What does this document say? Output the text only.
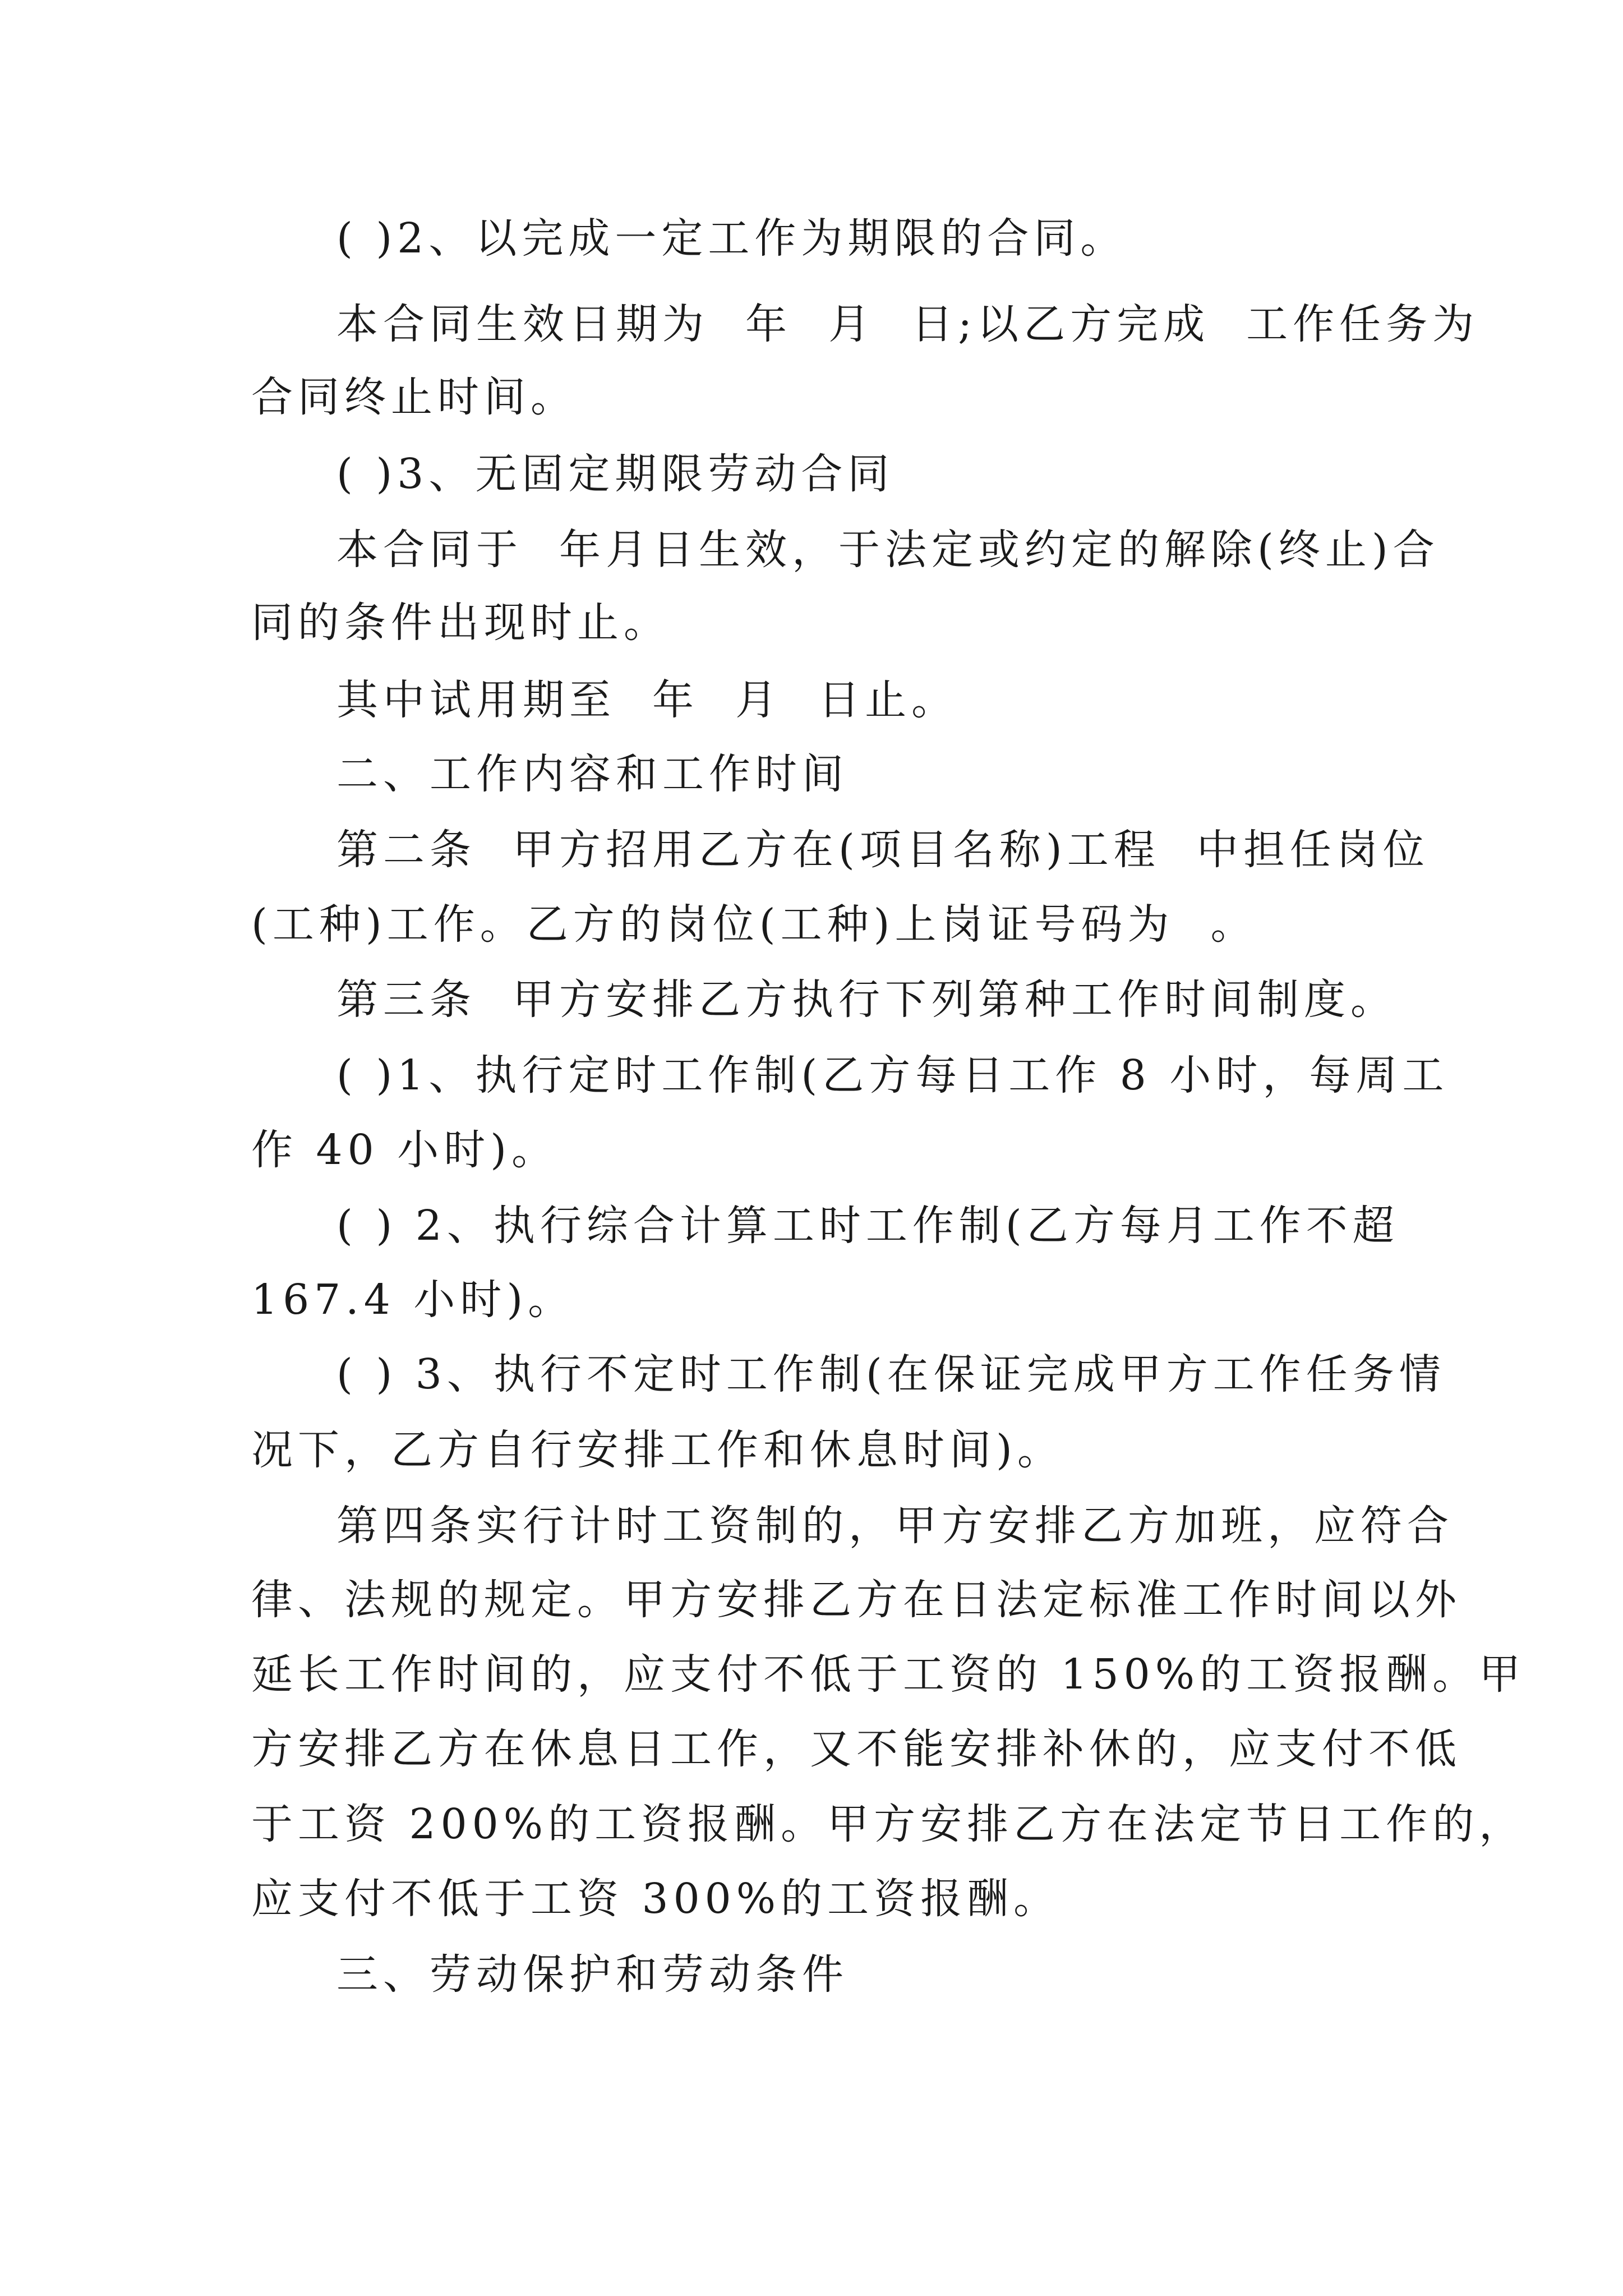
( )2、以完成一定工作为期限的合同。
本合同生效日期为  年  月  日;以乙方完成  工作任务为
合同终止时间。
( )3、无固定期限劳动合同
本合同于  年月日生效，于法定或约定的解除(终止)合
同的条件出现时止。
其中试用期至  年  月  日止。
二、工作内容和工作时间
第二条  甲方招用乙方在(项目名称)工程  中担任岗位
(工种)工作。乙方的岗位(工种)上岗证号码为  。
第三条  甲方安排乙方执行下列第种工作时间制度。
( )1、执行定时工作制(乙方每日工作 8 小时，每周工
作 40 小时)。
( ) 2、执行综合计算工时工作制(乙方每月工作不超
167.4 小时)。
( ) 3、执行不定时工作制(在保证完成甲方工作任务情
况下，乙方自行安排工作和休息时间)。
第四条实行计时工资制的，甲方安排乙方加班，应符合
律、法规的规定。甲方安排乙方在日法定标准工作时间以外
延长工作时间的，应支付不低于工资的 150%的工资报酬。甲
方安排乙方在休息日工作，又不能安排补休的，应支付不低
于工资 200%的工资报酬。甲方安排乙方在法定节日工作的，
应支付不低于工资 300%的工资报酬。
三、劳动保护和劳动条件
